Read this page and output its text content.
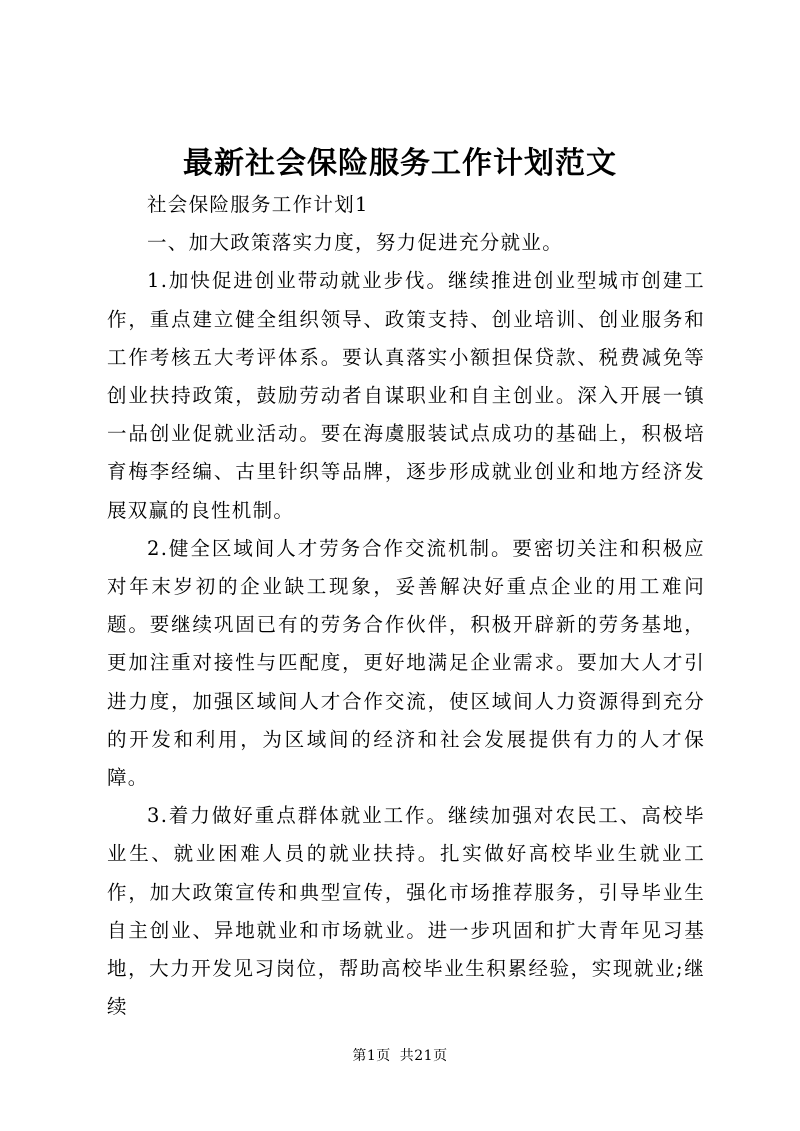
最新社会保险服务工作计划范文

社会保险服务工作计划1

一、加大政策落实力度，努力促进充分就业。

1.加快促进创业带动就业步伐。继续推进创业型城市创建工作，重点建立健全组织领导、政策支持、创业培训、创业服务和工作考核五大考评体系。要认真落实小额担保贷款、税费减免等创业扶持政策，鼓励劳动者自谋职业和自主创业。深入开展一镇一品创业促就业活动。要在海虞服装试点成功的基础上，积极培育梅李经编、古里针织等品牌，逐步形成就业创业和地方经济发展双赢的良性机制。

2.健全区域间人才劳务合作交流机制。要密切关注和积极应对年末岁初的企业缺工现象，妥善解决好重点企业的用工难问题。要继续巩固已有的劳务合作伙伴，积极开辟新的劳务基地，更加注重对接性与匹配度，更好地满足企业需求。要加大人才引进力度，加强区域间人才合作交流，使区域间人力资源得到充分的开发和利用，为区域间的经济和社会发展提供有力的人才保障。

3.着力做好重点群体就业工作。继续加强对农民工、高校毕业生、就业困难人员的就业扶持。扎实做好高校毕业生就业工作，加大政策宣传和典型宣传，强化市场推荐服务，引导毕业生自主创业、异地就业和市场就业。进一步巩固和扩大青年见习基地，大力开发见习岗位，帮助高校毕业生积累经验，实现就业;继续

第1页 共21页
